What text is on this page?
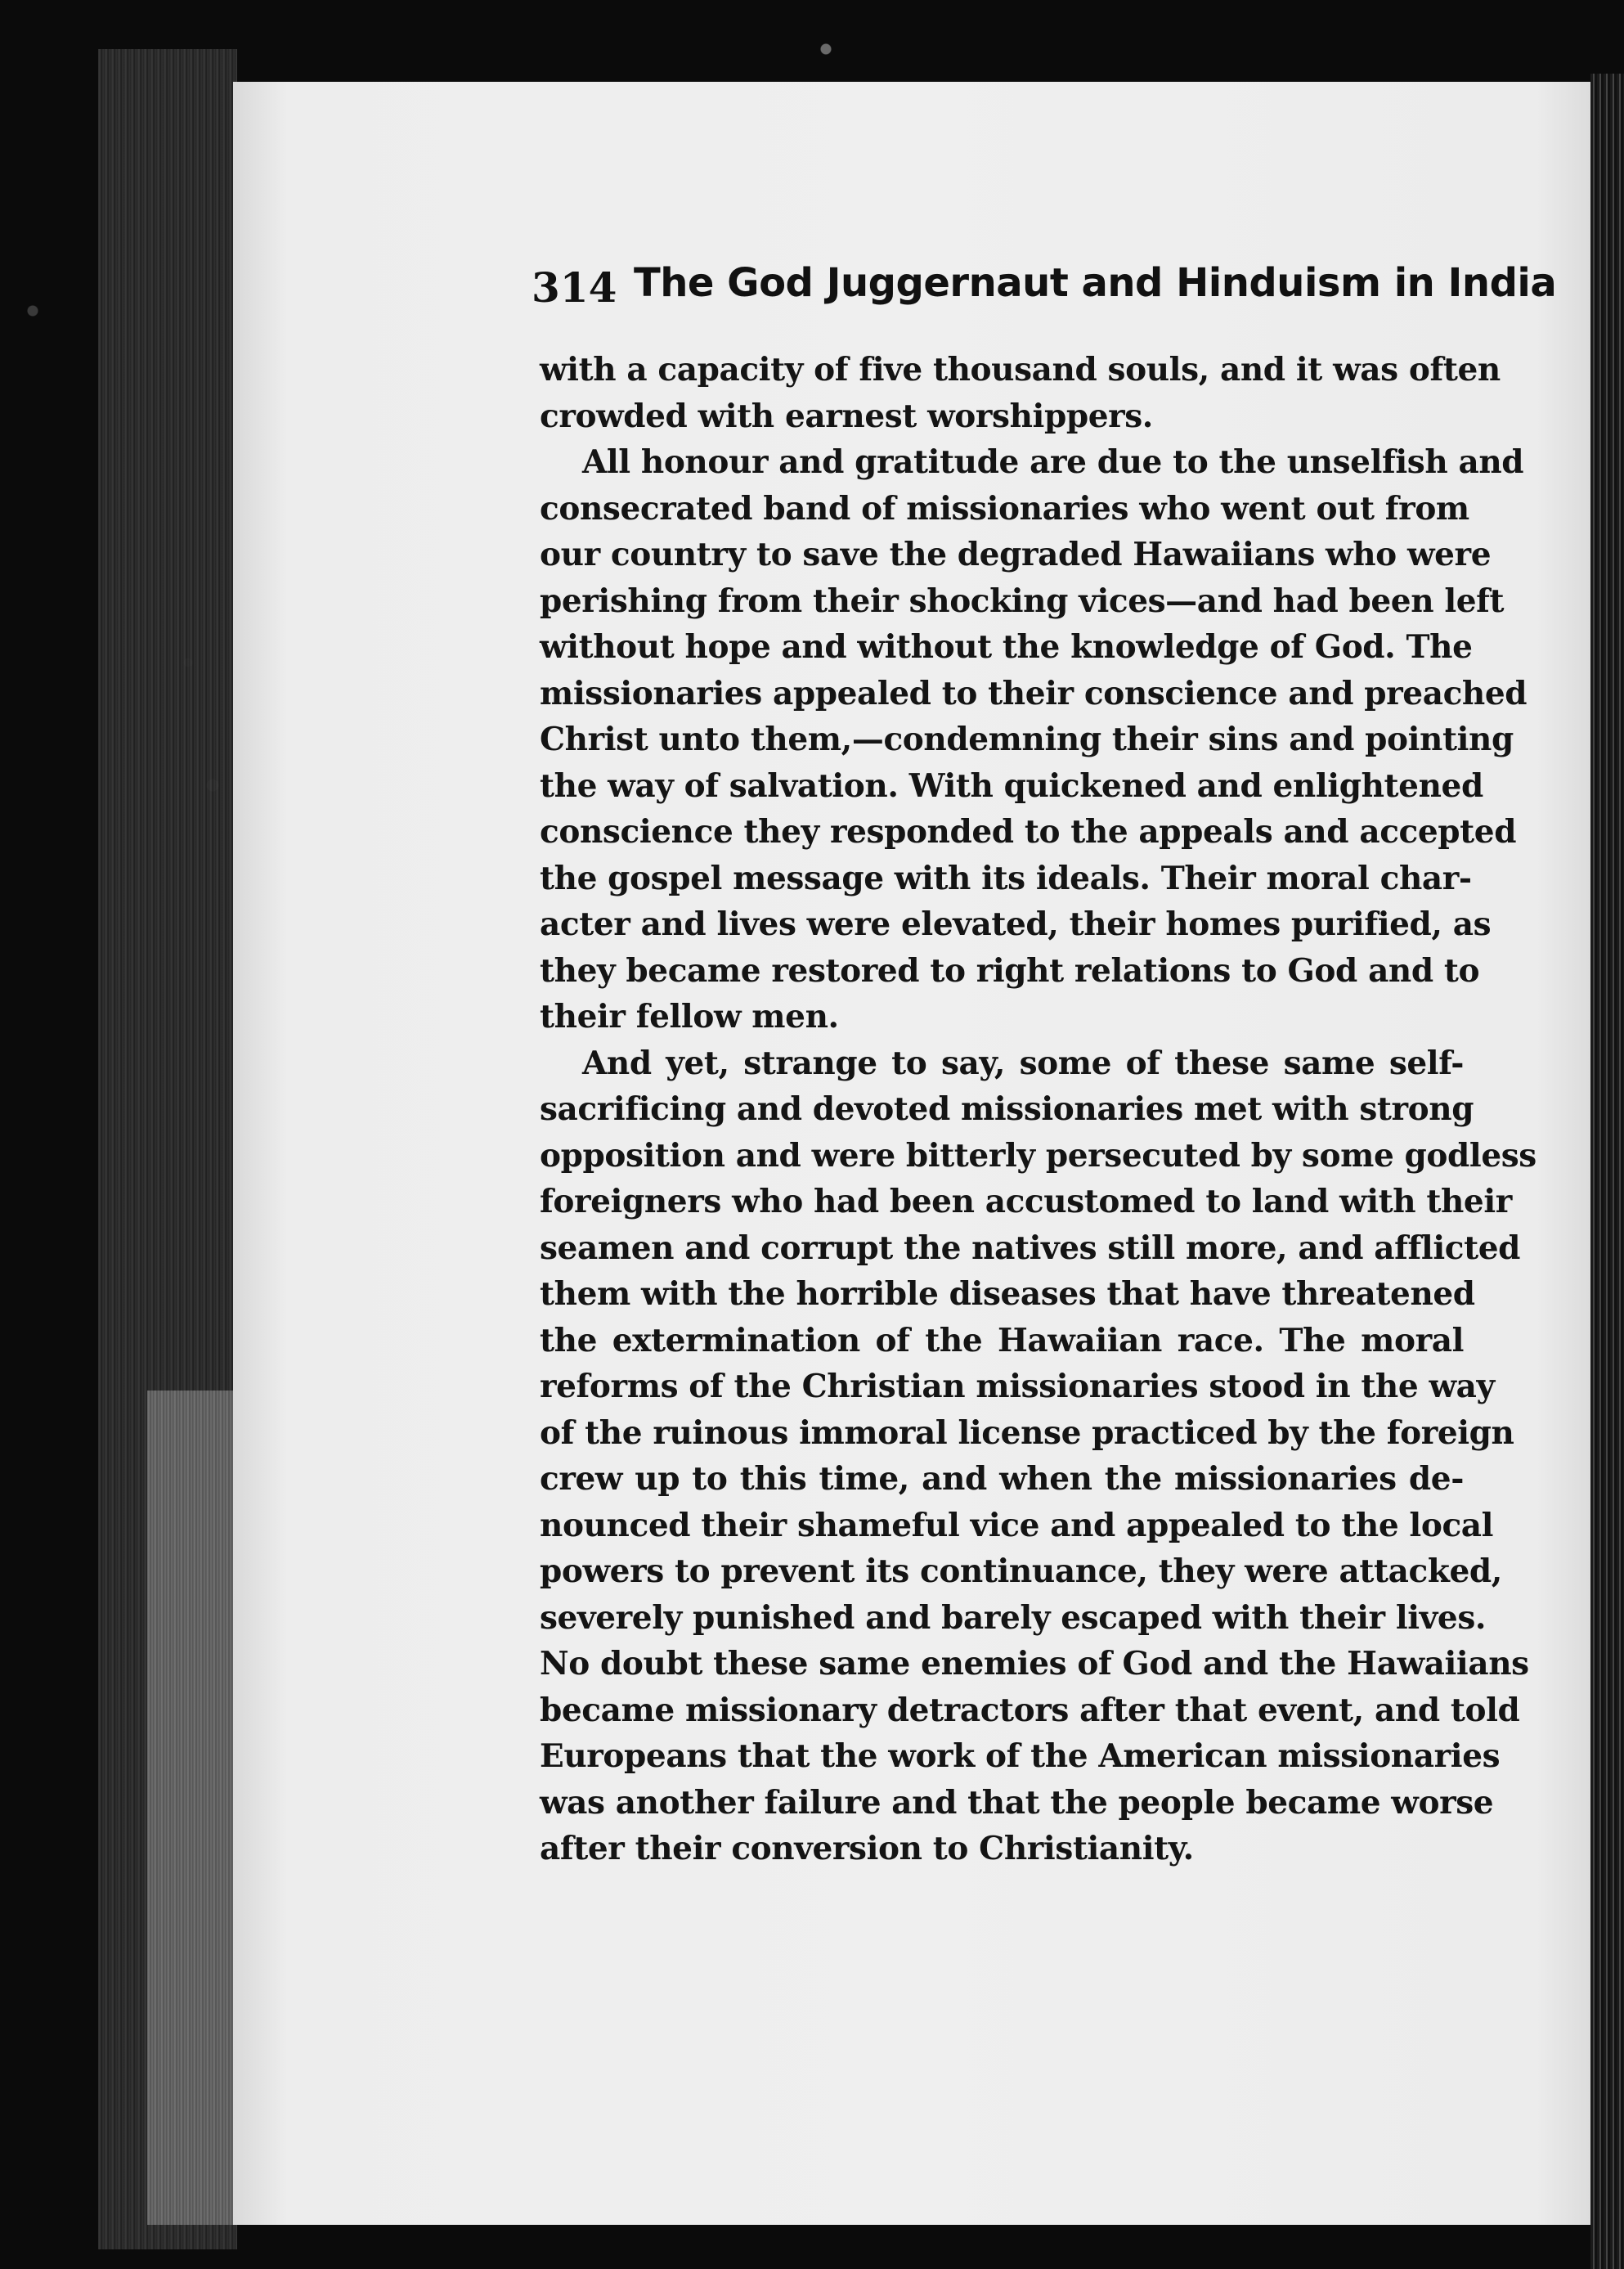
314 The God Juggernaut and Hinduism in India

with a capacity of five thousand souls, and it was often
crowded with earnest worshippers.

All honour and gratitude are due to the unselfish and
consecrated band of missionaries who went out from
our country to save the degraded Hawaiians who were
perishing from their shocking vices—and had been left
without hope and without the knowledge of God. The
missionaries appealed to their conscience and preached
Christ unto them,—condemning their sins and pointing
the way of salvation. With quickened and enlightened
conscience they responded to the appeals and accepted
the gospel message with its ideals. Their moral char-
acter and lives were elevated, their homes purified, as
they became restored to right relations to God and to
their fellow men.

And yet, strange to say, some of these same self-
sacrificing and devoted missionaries met with strong
opposition and were bitterly persecuted by some godless
foreigners who had been accustomed to land with their
seamen and corrupt the natives still more, and afflicted
them with the horrible diseases that have threatened
the extermination of the Hawaiian race. The moral
reforms of the Christian missionaries stood in the way
of the ruinous immoral license practiced by the foreign
crew up to this time, and when the missionaries de-
nounced their shameful vice and appealed to the local
powers to prevent its continuance, they were attacked,
severely punished and barely escaped with their lives.
No doubt these same enemies of God and the Hawaiians
became missionary detractors after that event, and told
Europeans that the work of the American missionaries
was another failure and that the people became worse
after their conversion to Christianity.
